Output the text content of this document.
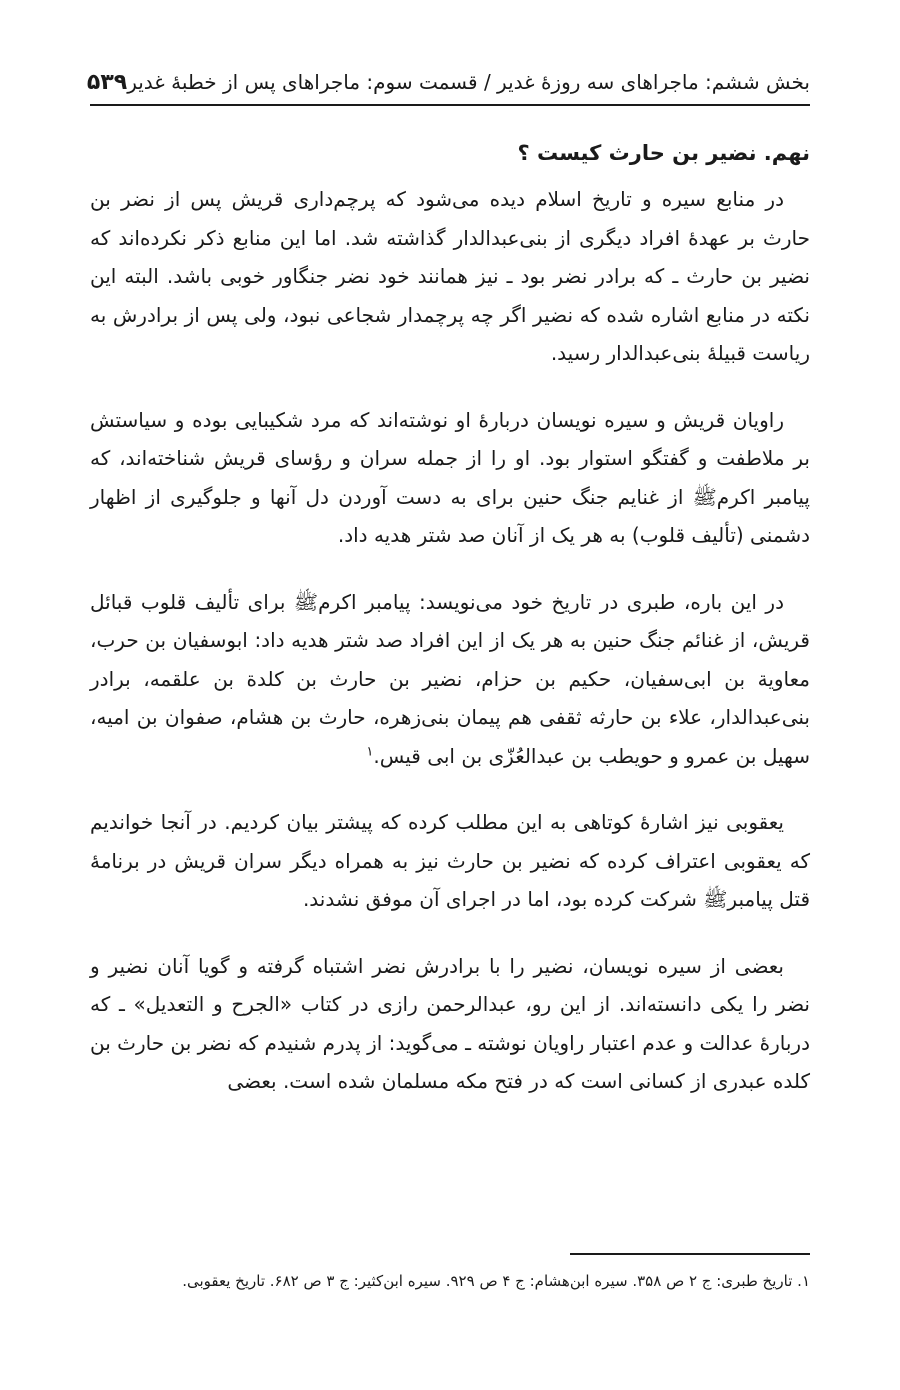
بخش ششم: ماجراهای سه روزهٔ غدیر / قسمت سوم: ماجراهای پس از خطبهٔ غدیر
۵۳۹
نهم. نضیر بن حارث کیست ؟

در منابع سیره و تاریخ اسلام دیده می‌شود که پرچم‌داری قریش پس از نضر بن حارث بر عهدهٔ افراد دیگری از بنی‌عبدالدار گذاشته شد. اما این منابع ذکر نکرده‌اند که نضیر بن حارث ـ که برادر نضر بود ـ نیز همانند خود نضر جنگاور خوبی باشد. البته این نکته در منابع اشاره شده که نضیر اگر چه پرچمدار شجاعی نبود، ولی پس از برادرش به ریاست قبیلهٔ بنی‌عبدالدار رسید.

راویان قریش و سیره نویسان دربارهٔ او نوشته‌اند که مرد شکیبایی بوده و سیاستش بر ملاطفت و گفتگو استوار بود. او را از جمله سران و رؤسای قریش شناخته‌اند، که پیامبر اکرمﷺ از غنایم جنگ حنین برای به دست آوردن دل آنها و جلوگیری از اظهار دشمنی (تألیف قلوب) به هر یک از آنان صد شتر هدیه داد.

در این باره، طبری در تاریخ خود می‌نویسد: پیامبر اکرمﷺ برای تألیف قلوب قبائل قریش، از غنائم جنگ حنین به هر یک از این افراد صد شتر هدیه داد: ابوسفیان بن حرب، معاویة بن ابی‌سفیان، حکیم بن حزام، نضیر بن حارث بن کلدة بن علقمه، برادر بنی‌عبدالدار، علاء بن حارثه ثقفی هم پیمان بنی‌زهره، حارث بن هشام، صفوان بن امیه، سهیل بن عمرو و حویطب بن عبدالعُزّی بن ابی قیس.$^۱$

یعقوبی نیز اشارهٔ کوتاهی به این مطلب کرده که پیشتر بیان کردیم. در آنجا خواندیم که یعقوبی اعتراف کرده که نضیر بن حارث نیز به همراه دیگر سران قریش در برنامهٔ قتل پیامبرﷺ شرکت کرده بود، اما در اجرای آن موفق نشدند.

بعضی از سیره نویسان، نضیر را با برادرش نضر اشتباه گرفته و گویا آنان نضیر و نضر را یکی دانسته‌اند. از این رو، عبدالرحمن رازی در کتاب «الجرح و التعدیل» ـ که دربارهٔ عدالت و عدم اعتبار راویان نوشته ـ می‌گوید: از پدرم شنیدم که نضر بن حارث بن کلده عبدری از کسانی است که در فتح مکه مسلمان شده است. بعضی

۱. تاریخ طبری: ج ۲ ص ۳۵۸. سیره ابن‌هشام: ج ۴ ص ۹۲۹. سیره ابن‌کثیر: ج ۳ ص ۶۸۲. تاریخ یعقوبی.
